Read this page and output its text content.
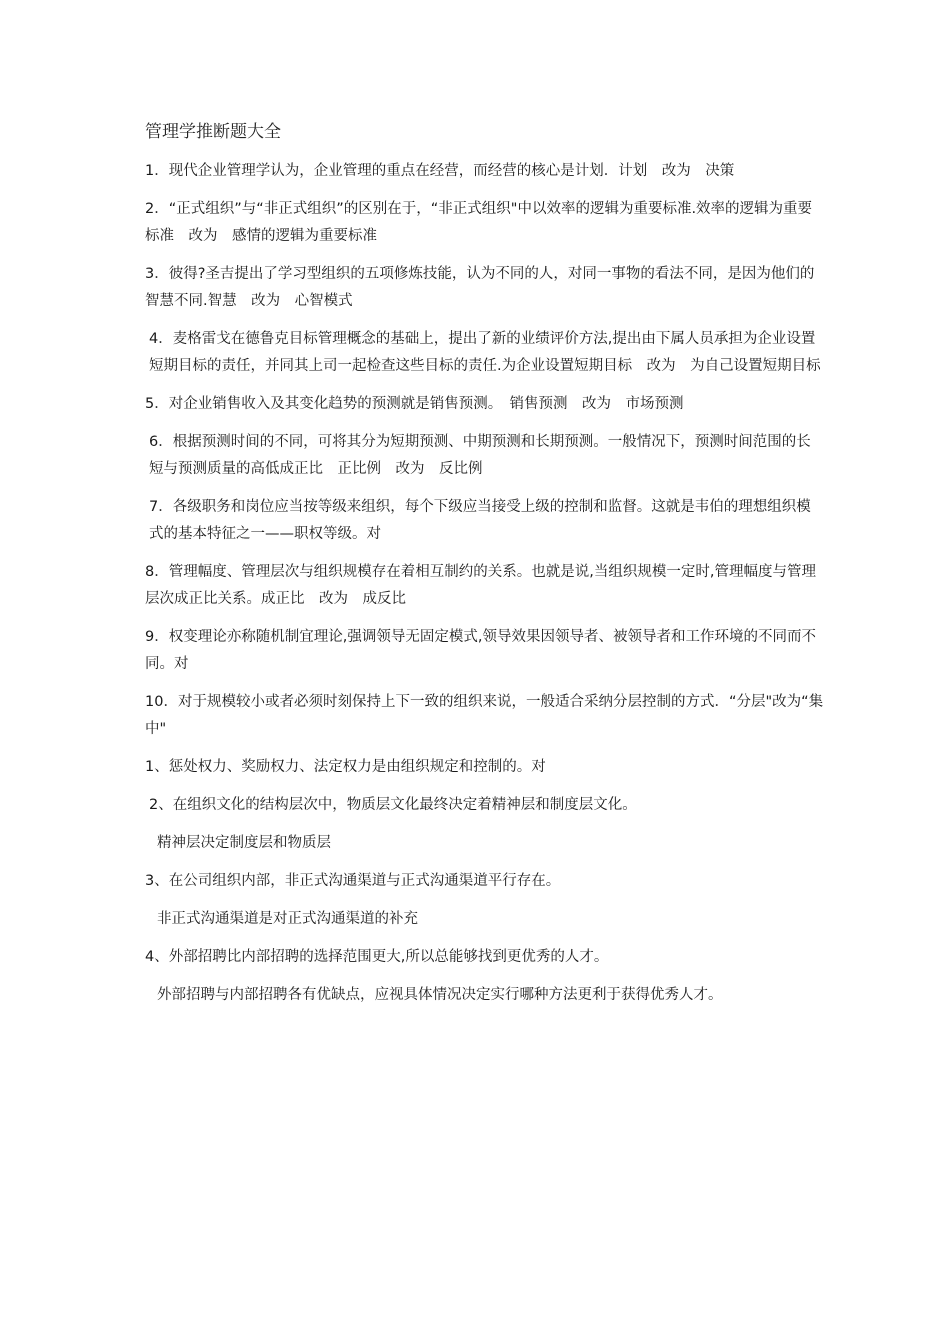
管理学推断题大全

1．现代企业管理学认为，企业管理的重点在经营，而经营的核心是计划．计划　改为　决策

2．“正式组织”与“非正式组织”的区别在于，“非正式组织"中以效率的逻辑为重要标准.效率的逻辑为重要标准　改为　感情的逻辑为重要标准

3．彼得?圣吉提出了学习型组织的五项修炼技能，认为不同的人，对同一事物的看法不同，是因为他们的智慧不同.智慧　改为　心智模式

4．麦格雷戈在德鲁克目标管理概念的基础上，提出了新的业绩评价方法,提出由下属人员承担为企业设置短期目标的责任，并同其上司一起检查这些目标的责任.为企业设置短期目标　改为　为自己设置短期目标

5．对企业销售收入及其变化趋势的预测就是销售预测。　销售预测　改为　市场预测

6．根据预测时间的不同，可将其分为短期预测、中期预测和长期预测。一般情况下，预测时间范围的长短与预测质量的高低成正比　正比例　改为　反比例

7．各级职务和岗位应当按等级来组织，每个下级应当接受上级的控制和监督。这就是韦伯的理想组织模式的基本特征之一——职权等级。对

8．管理幅度、管理层次与组织规模存在着相互制约的关系。也就是说,当组织规模一定时,管理幅度与管理层次成正比关系。成正比　改为　成反比

9．权变理论亦称随机制宜理论,强调领导无固定模式,领导效果因领导者、被领导者和工作环境的不同而不同。对

10．对于规模较小或者必须时刻保持上下一致的组织来说，一般适合采纳分层控制的方式．“分层"改为“集中"

1、惩处权力、奖励权力、法定权力是由组织规定和控制的。对

2、在组织文化的结构层次中，物质层文化最终决定着精神层和制度层文化。

精神层决定制度层和物质层

3、在公司组织内部，非正式沟通渠道与正式沟通渠道平行存在。

非正式沟通渠道是对正式沟通渠道的补充

4、外部招聘比内部招聘的选择范围更大,所以总能够找到更优秀的人才。

外部招聘与内部招聘各有优缺点，应视具体情况决定实行哪种方法更利于获得优秀人才。
